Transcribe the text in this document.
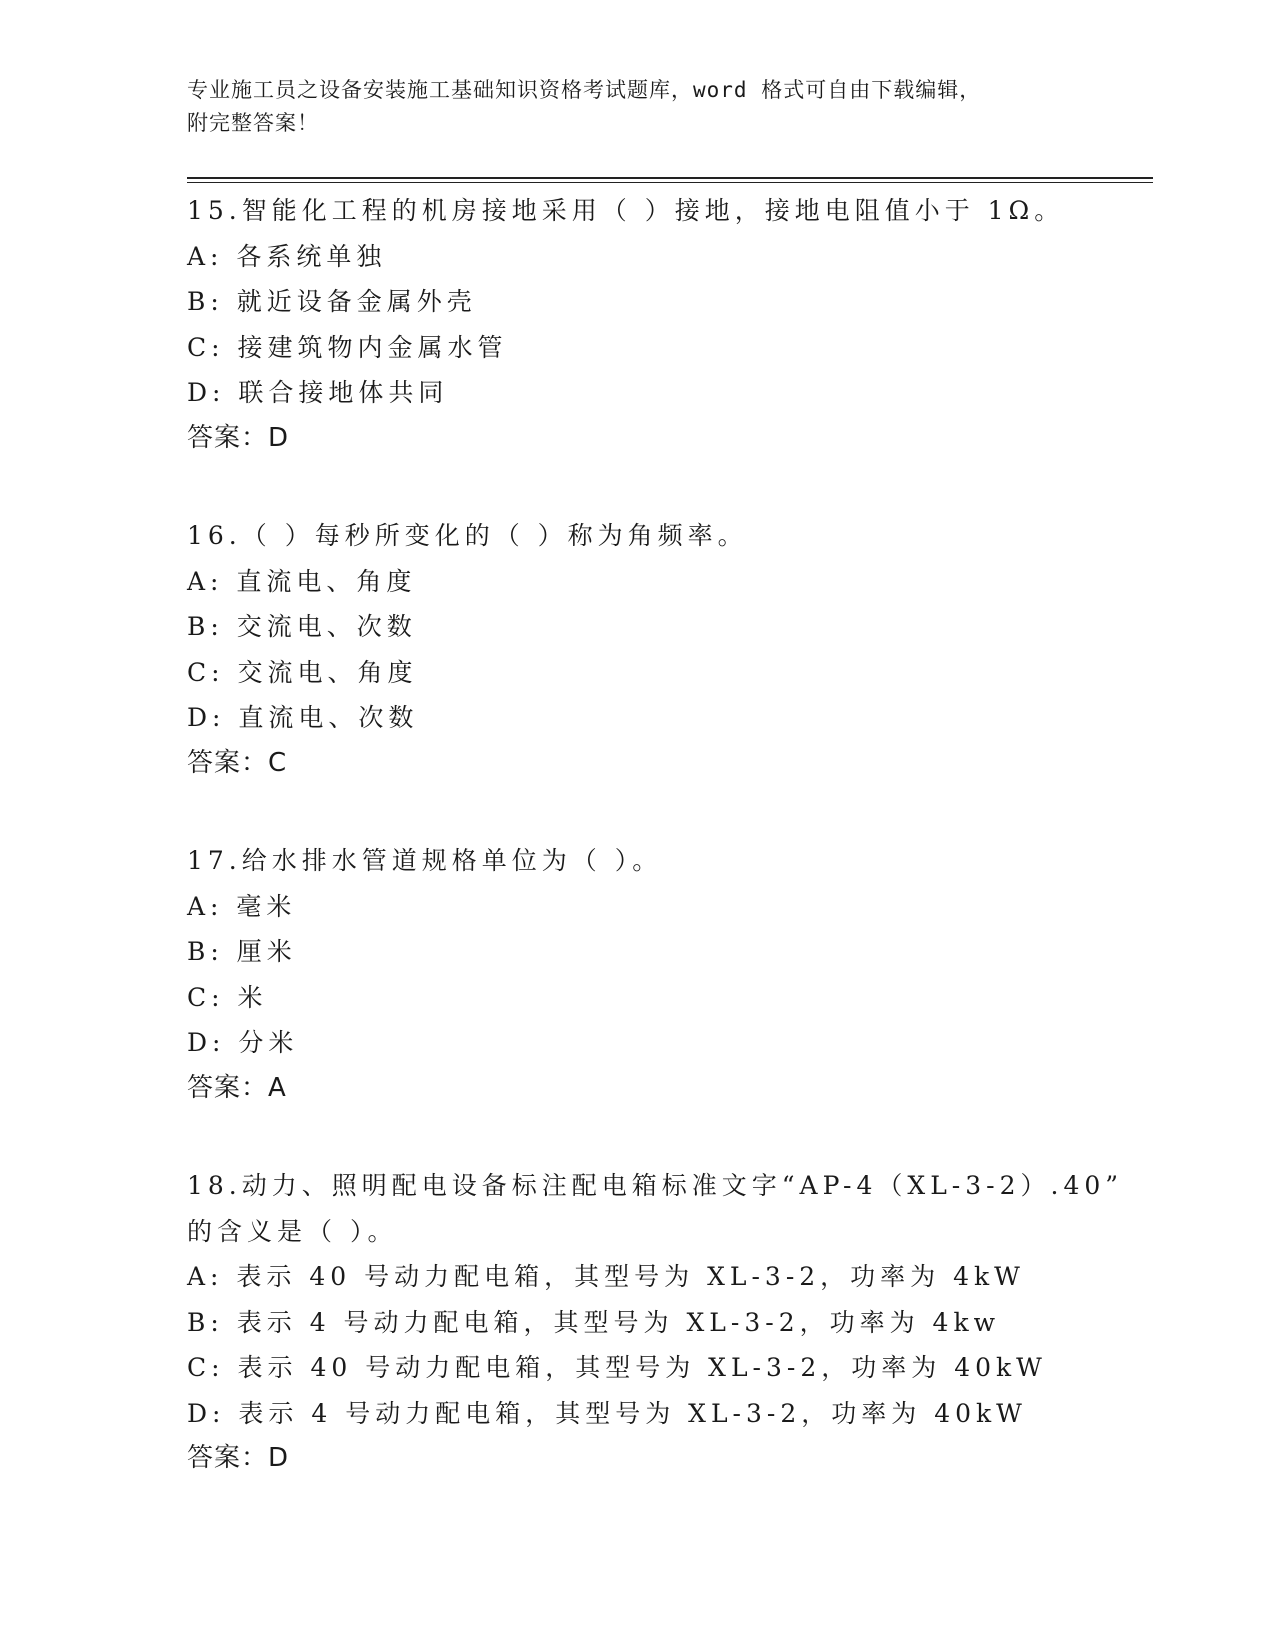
专业施工员之设备安装施工基础知识资格考试题库，word 格式可自由下载编辑，
附完整答案！
15.智能化工程的机房接地采用（ ）接地，接地电阻值小于 1Ω。
A: 各系统单独
B: 就近设备金属外壳
C: 接建筑物内金属水管
D: 联合接地体共同
答案：D
16.（ ）每秒所变化的（ ）称为角频率。
A: 直流电、角度
B: 交流电、次数
C: 交流电、角度
D: 直流电、次数
答案：C
17.给水排水管道规格单位为（ ）。
A: 毫米
B: 厘米
C: 米
D: 分米
答案：A
18.动力、照明配电设备标注配电箱标准文字“AP-4（XL-3-2）.40”
的含义是（ ）。
A: 表示 40 号动力配电箱，其型号为 XL-3-2，功率为 4kW
B: 表示 4 号动力配电箱，其型号为 XL-3-2，功率为 4kw
C: 表示 40 号动力配电箱，其型号为 XL-3-2，功率为 40kW
D: 表示 4 号动力配电箱，其型号为 XL-3-2，功率为 40kW
答案：D
